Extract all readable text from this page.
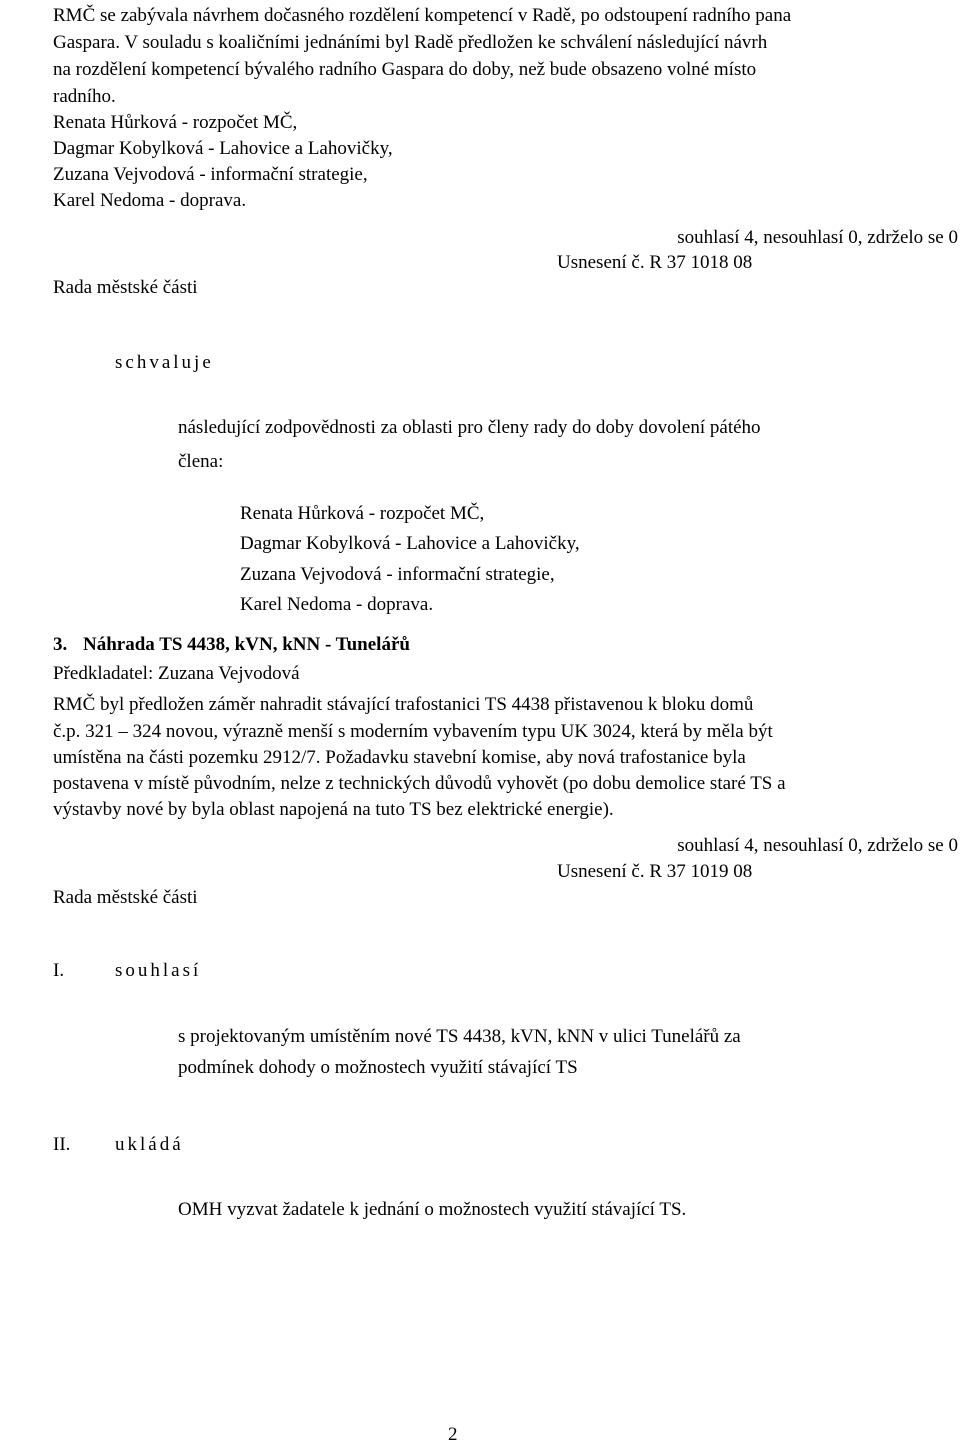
RMČ se zabývala návrhem dočasného rozdělení kompetencí v Radě, po odstoupení radního pana
Gaspara. V souladu s koaličními jednáními byl Radě předložen ke schválení následující návrh
na rozdělení kompetencí bývalého radního Gaspara do doby, než bude obsazeno volné místo
radního.
Renata Hůrková - rozpočet MČ,
Dagmar Kobylková - Lahovice a Lahovičky,
Zuzana Vejvodová - informační strategie,
Karel Nedoma - doprava.
souhlasí 4, nesouhlasí 0, zdrželo se 0
Usnesení č. R 37 1018 08
Rada městské části
schvaluje
následující zodpovědnosti za oblasti pro členy rady do doby dovolení pátého
člena:
Renata Hůrková - rozpočet MČ,
Dagmar Kobylková - Lahovice a Lahovičky,
Zuzana Vejvodová - informační strategie,
Karel Nedoma - doprava.
3. Náhrada TS 4438, kVN, kNN - Tunelářů
Předkladatel: Zuzana Vejvodová
RMČ byl předložen záměr nahradit stávající trafostanici TS 4438 přistavenou k bloku domů
č.p. 321 – 324 novou, výrazně menší s moderním vybavením typu UK 3024, která by měla být
umístěna na části pozemku 2912/7. Požadavku stavební komise, aby nová trafostanice byla
postavena v místě původním, nelze z technických důvodů vyhovět (po dobu demolice staré TS a
výstavby nové by byla oblast napojená na tuto TS bez elektrické energie).
souhlasí 4, nesouhlasí 0, zdrželo se 0
Usnesení č. R 37 1019 08
Rada městské části
I.	souhlasí
s projektovaným umístěním nové TS 4438, kVN, kNN v ulici Tunelářů za
podmínek dohody o možnostech využití stávající TS
II. ukládá
OMH vyzvat žadatele k jednání o možnostech využití stávající TS.
2
